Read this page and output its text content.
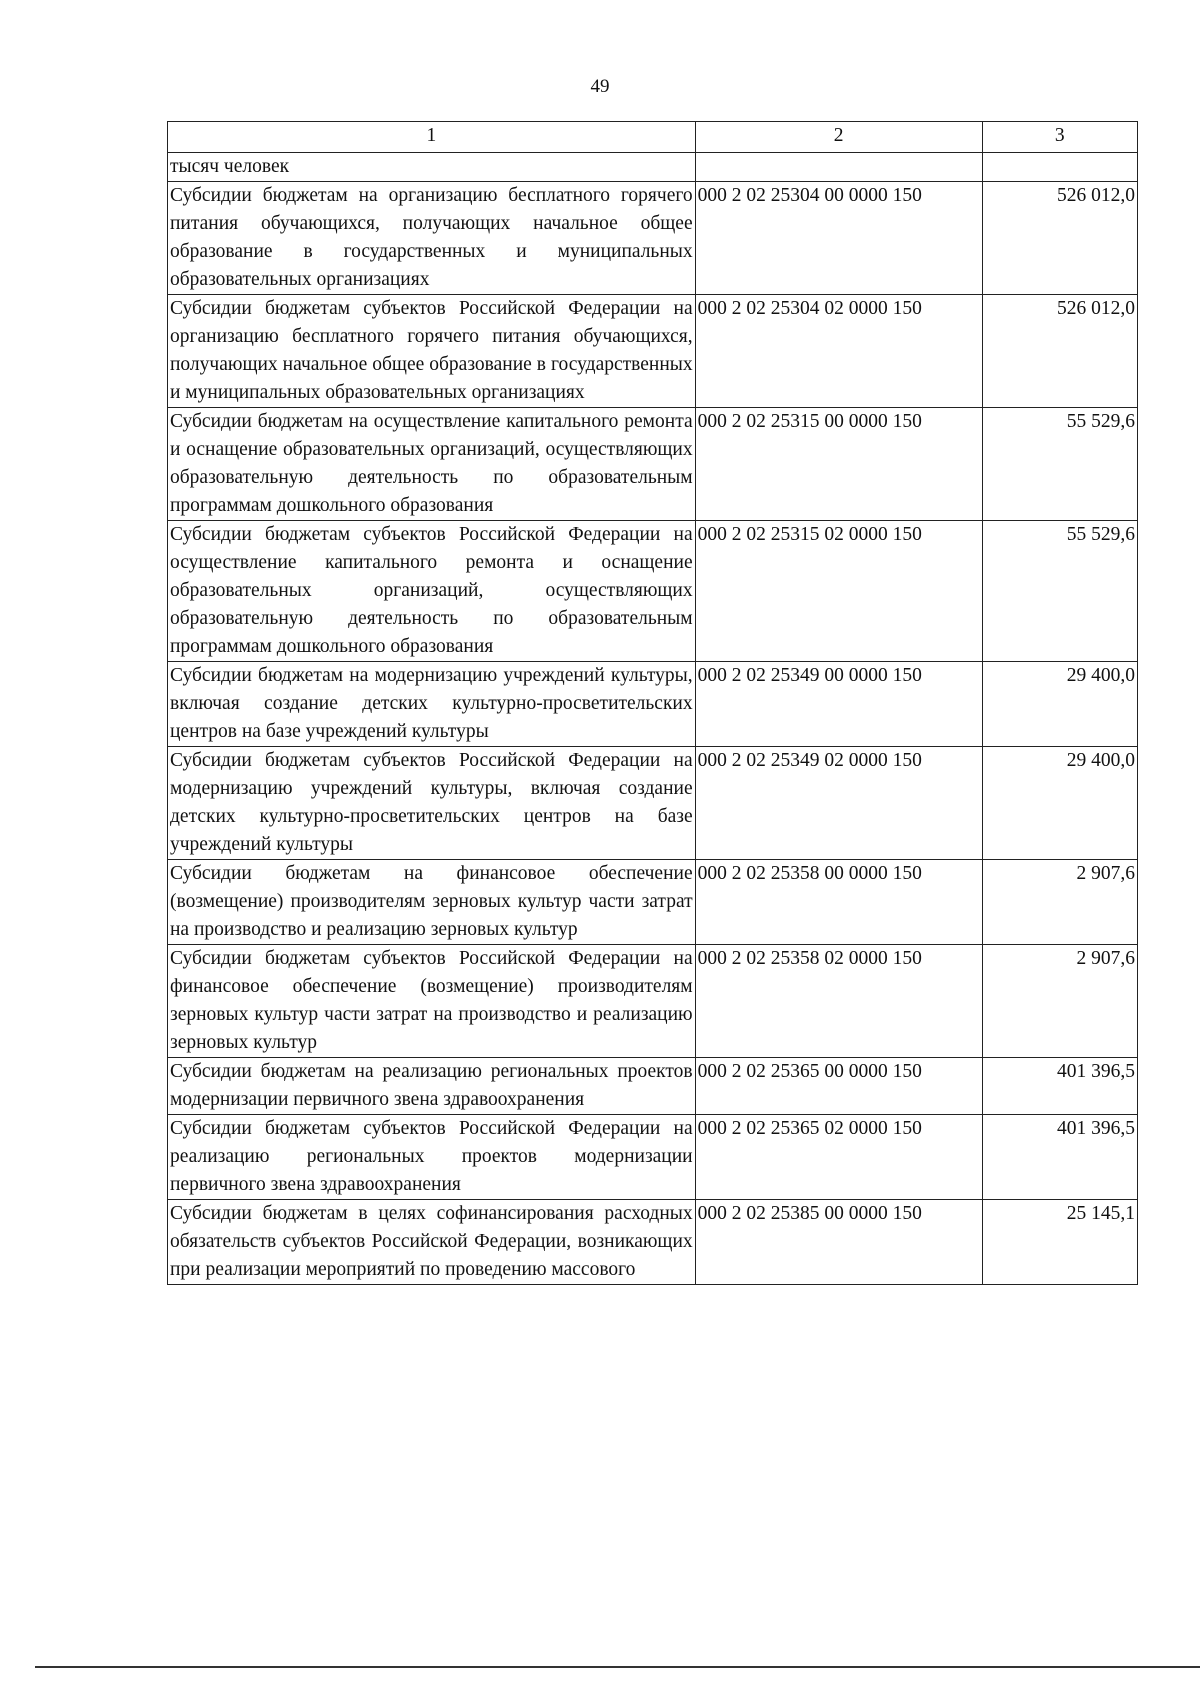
49
1	2	3
тысяч человек		
Субсидии бюджетам на организацию бесплатного горячего питания обучающихся, получающих начальное общее образование в государственных и муниципальных образовательных организациях	000 2 02 25304 00 0000 150	526 012,0
Субсидии бюджетам субъектов Российской Федерации на организацию бесплатного горячего питания обучающихся, получающих начальное общее образование в государственных и муниципальных образовательных организациях	000 2 02 25304 02 0000 150	526 012,0
Субсидии бюджетам на осуществление капитального ремонта и оснащение образовательных организаций, осуществляющих образовательную деятельность по образовательным программам дошкольного образования	000 2 02 25315 00 0000 150	55 529,6
Субсидии бюджетам субъектов Российской Федерации на осуществление капитального ремонта и оснащение образовательных организаций, осуществляющих образовательную деятельность по образовательным программам дошкольного образования	000 2 02 25315 02 0000 150	55 529,6
Субсидии бюджетам на модернизацию учреждений культуры, включая создание детских культурно-просветительских центров на базе учреждений культуры	000 2 02 25349 00 0000 150	29 400,0
Субсидии бюджетам субъектов Российской Федерации на модернизацию учреждений культуры, включая создание детских культурно-просветительских центров на базе учреждений культуры	000 2 02 25349 02 0000 150	29 400,0
Субсидии бюджетам на финансовое обеспечение (возмещение) производителям зерновых культур части затрат на производство и реализацию зерновых культур	000 2 02 25358 00 0000 150	2 907,6
Субсидии бюджетам субъектов Российской Федерации на финансовое обеспечение (возмещение) производителям зерновых культур части затрат на производство и реализацию зерновых культур	000 2 02 25358 02 0000 150	2 907,6
Субсидии бюджетам на реализацию региональных проектов модернизации первичного звена здравоохранения	000 2 02 25365 00 0000 150	401 396,5
Субсидии бюджетам субъектов Российской Федерации на реализацию региональных проектов модернизации первичного звена здравоохранения	000 2 02 25365 02 0000 150	401 396,5
Субсидии бюджетам в целях софинансирования расходных обязательств субъектов Российской Федерации, возникающих при реализации мероприятий по проведению массового	000 2 02 25385 00 0000 150	25 145,1
